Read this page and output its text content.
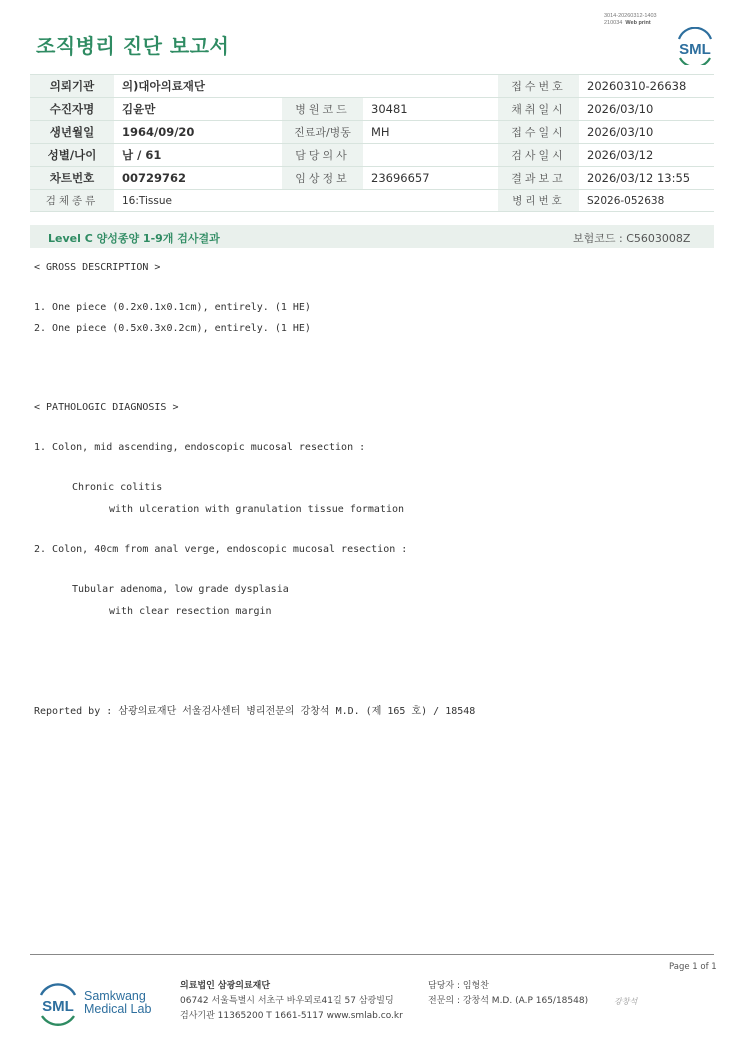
3014-20260312-1403
210034 Web print
조직병리 진단 보고서	SML
의뢰기관	의)대아의료재단			접수번호	20260310-26638
수진자명	김윤만	병원코드	30481	채취일시	2026/03/10
생년월일	1964/09/20	진료과/병동	MH	접수일시	2026/03/10
성별/나이	남 / 61	담당의사		검사일시	2026/03/12
차트번호	00729762	임상정보	23696657	결과보고	2026/03/12 13:55
검체종류	16:Tissue			병리번호	S2026-052638
Level C 양성종양 1-9개 검사결과	보험코드 : C5603008Z
< GROSS DESCRIPTION >
1. One piece (0.2x0.1x0.1cm), entirely. (1 HE)
2. One piece (0.5x0.3x0.2cm), entirely. (1 HE)
< PATHOLOGIC DIAGNOSIS >
1. Colon, mid ascending, endoscopic mucosal resection :
Chronic colitis
with ulceration with granulation tissue formation
2. Colon, 40cm from anal verge, endoscopic mucosal resection :
Tubular adenoma, low grade dysplasia
with clear resection margin
Reported by : 삼광의료재단 서울검사센터 병리전문의 강창석 M.D. (제 165 호) / 18548
Page 1 of 1
SML
Samkwang
Medical Lab
의료법인 삼광의료재단
06742 서울특별시 서초구 바우뫼로41길 57 삼광빌딩
검사기관 11365200 T 1661-5117 www.smlab.co.kr
담당자 : 임형찬
전문의 : 강창석 M.D. (A.P 165/18548)	강창석
